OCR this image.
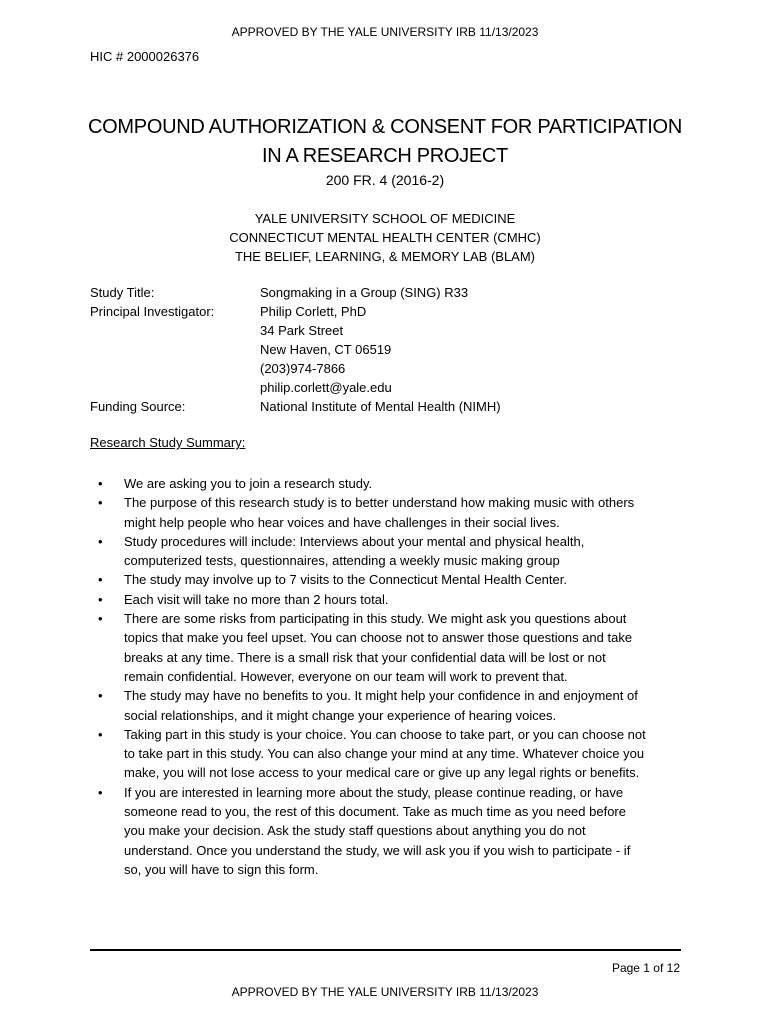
APPROVED BY THE YALE UNIVERSITY IRB 11/13/2023
HIC # 2000026376
COMPOUND AUTHORIZATION & CONSENT FOR PARTICIPATION
IN A RESEARCH PROJECT
200 FR. 4 (2016-2)
YALE UNIVERSITY SCHOOL OF MEDICINE
CONNECTICUT MENTAL HEALTH CENTER (CMHC)
THE BELIEF, LEARNING, & MEMORY LAB (BLAM)
Study Title:	Songmaking in a Group (SING) R33
Principal Investigator:	Philip Corlett, PhD
34 Park Street
New Haven, CT 06519
(203)974-7866
philip.corlett@yale.edu
Funding Source:	National Institute of Mental Health (NIMH)
Research Study Summary:
• We are asking you to join a research study.
• The purpose of this research study is to better understand how making music with others
might help people who hear voices and have challenges in their social lives.
• Study procedures will include: Interviews about your mental and physical health,
computerized tests, questionnaires, attending a weekly music making group
• The study may involve up to 7 visits to the Connecticut Mental Health Center.
• Each visit will take no more than 2 hours total.
• There are some risks from participating in this study. We might ask you questions about
topics that make you feel upset. You can choose not to answer those questions and take
breaks at any time. There is a small risk that your confidential data will be lost or not
remain confidential. However, everyone on our team will work to prevent that.
• The study may have no benefits to you. It might help your confidence in and enjoyment of
social relationships, and it might change your experience of hearing voices.
• Taking part in this study is your choice. You can choose to take part, or you can choose not
to take part in this study. You can also change your mind at any time. Whatever choice you
make, you will not lose access to your medical care or give up any legal rights or benefits.
• If you are interested in learning more about the study, please continue reading, or have
someone read to you, the rest of this document. Take as much time as you need before
you make your decision. Ask the study staff questions about anything you do not
understand. Once you understand the study, we will ask you if you wish to participate - if
so, you will have to sign this form.
Page 1 of 12
APPROVED BY THE YALE UNIVERSITY IRB 11/13/2023
